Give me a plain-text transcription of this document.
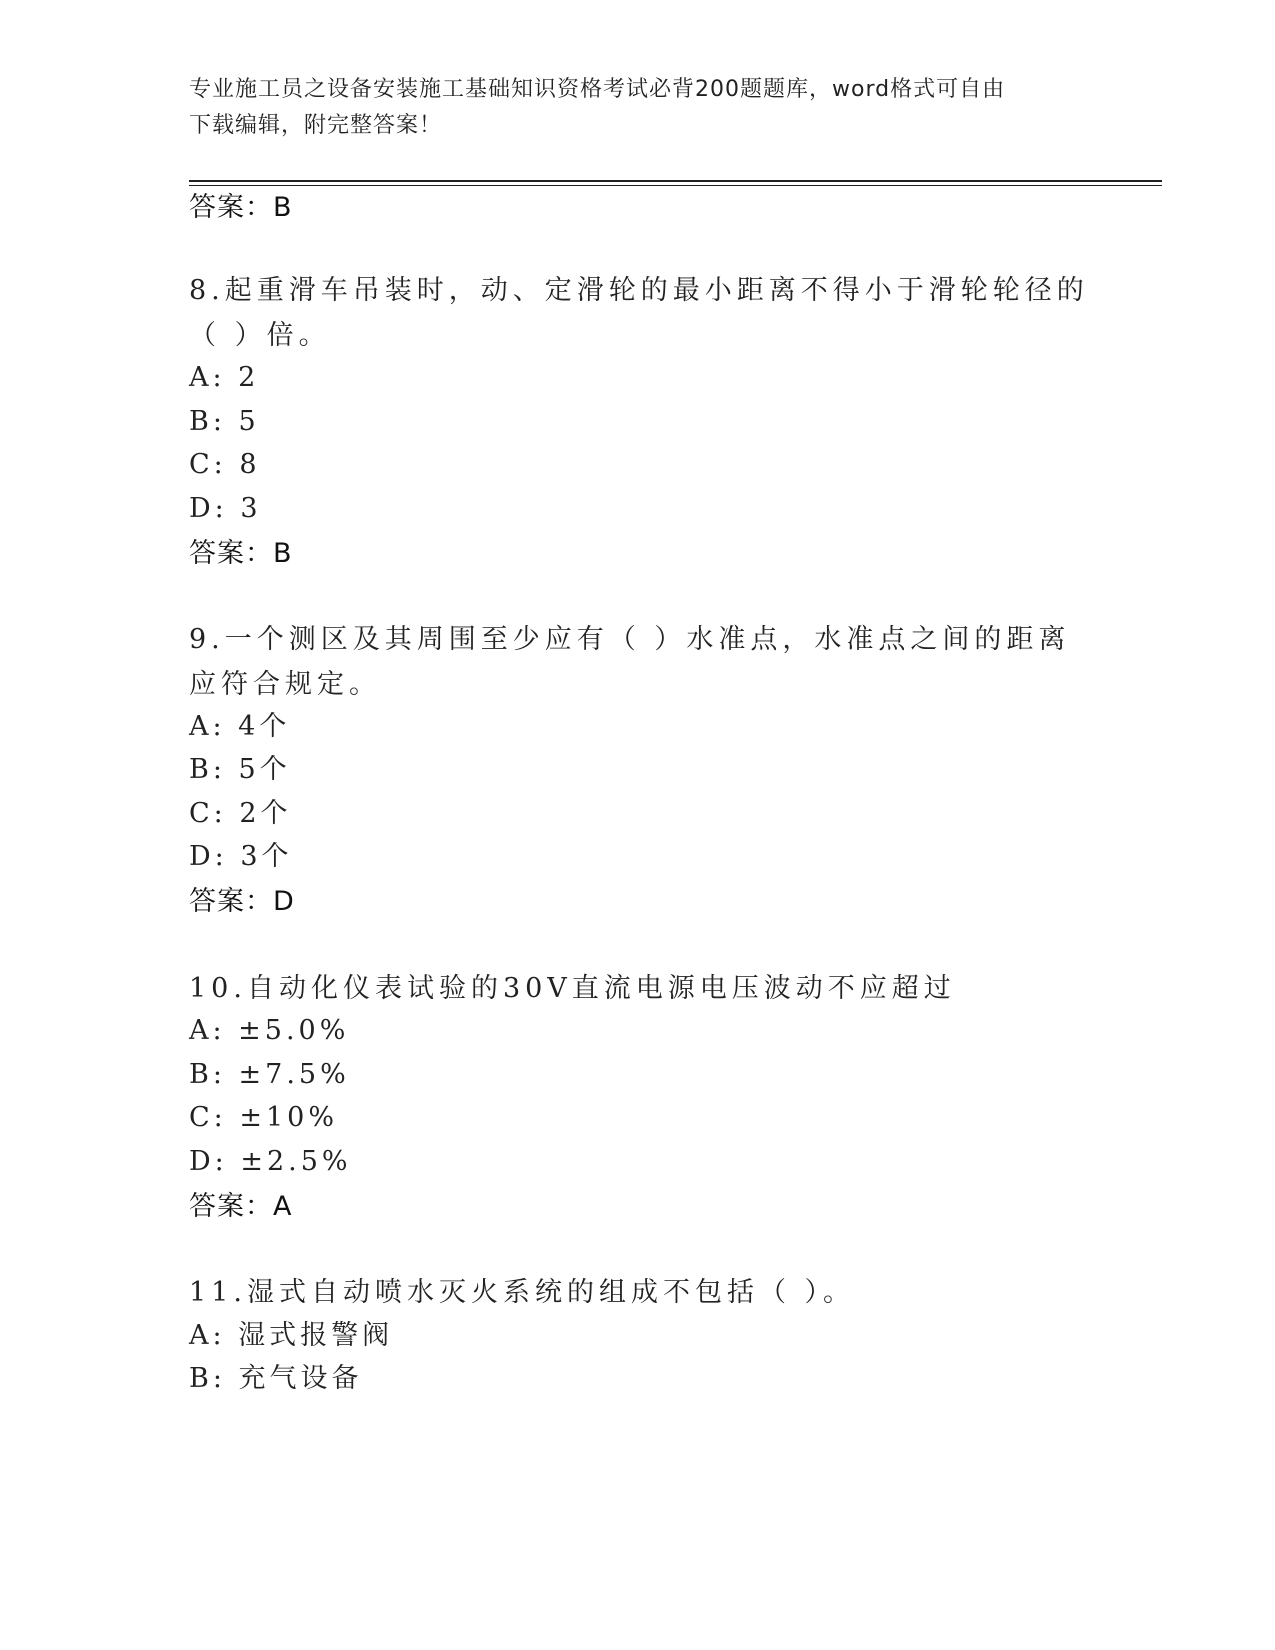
专业施工员之设备安装施工基础知识资格考试必背200题题库，word格式可自由
下载编辑，附完整答案！
答案：B
8.起重滑车吊装时，动、定滑轮的最小距离不得小于滑轮轮径的（ ）倍。
A: 2
B: 5
C: 8
D: 3
答案：B
9.一个测区及其周围至少应有（ ）水准点，水准点之间的距离应符合规定。
A: 4个
B: 5个
C: 2个
D: 3个
答案：D
10.自动化仪表试验的30V直流电源电压波动不应超过
A: ±5.0%
B: ±7.5%
C: ±10%
D: ±2.5%
答案：A
11.湿式自动喷水灭火系统的组成不包括（ ）。
A: 湿式报警阀
B: 充气设备
